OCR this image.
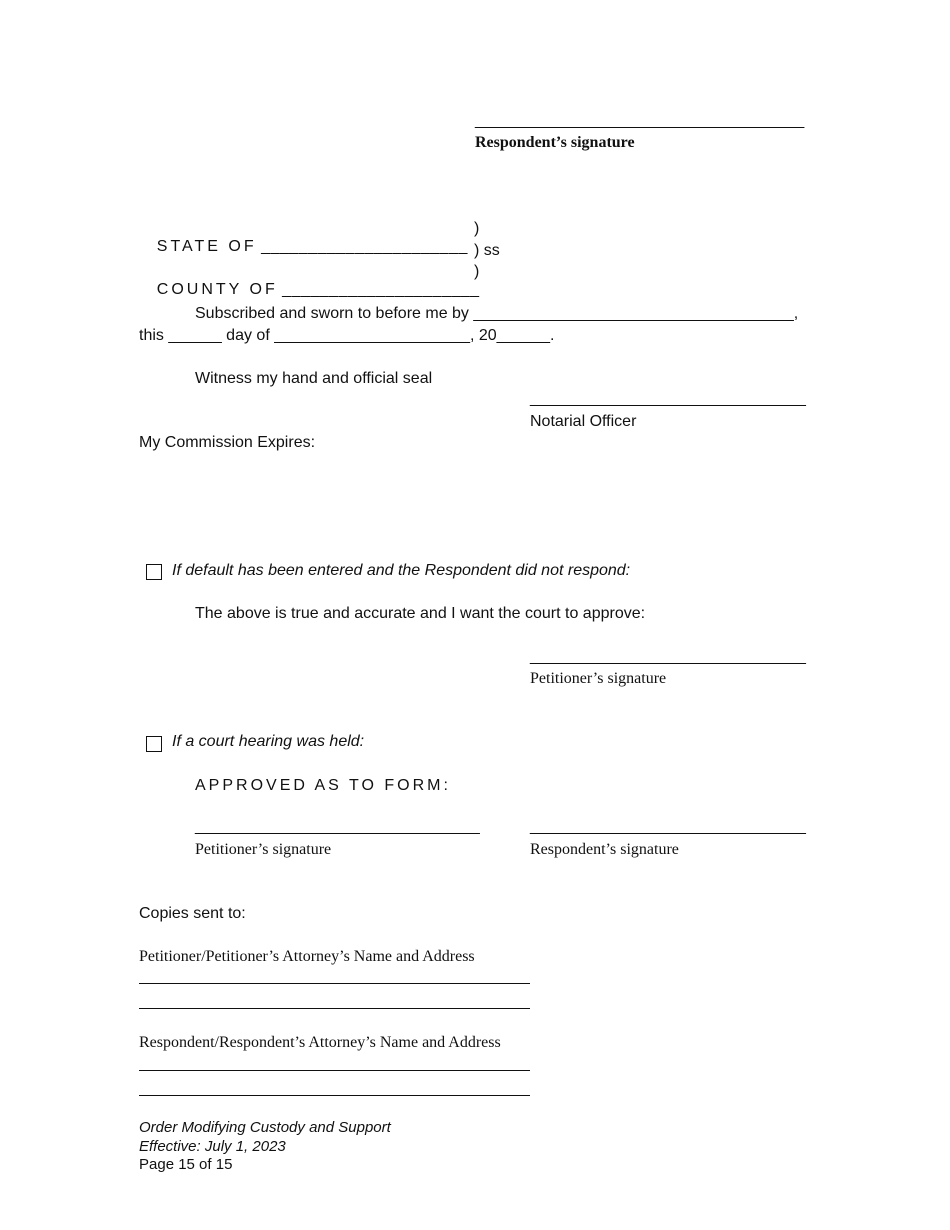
_____________________________________
Respondent’s signature

STATE OF ______________________

)
) ss

COUNTY OF _____________________

)
Subscribed and sworn to before me by ____________________________________,
this ______ day of ______________________, 20______.
Witness my hand and official seal
_______________________________
Notarial Officer
My Commission Expires:
If default has been entered and the Respondent did not respond:
The above is true and accurate and I want the court to approve:
_______________________________
Petitioner’s signature
If a court hearing was held:
APPROVED AS TO FORM:
________________________________	_______________________________
Petitioner’s signature	Respondent’s signature
Copies sent to:
Petitioner/Petitioner’s Attorney’s Name and Address
Respondent/Respondent’s Attorney’s Name and Address
Order Modifying Custody and Support
Effective: July 1, 2023
Page 15 of 15
